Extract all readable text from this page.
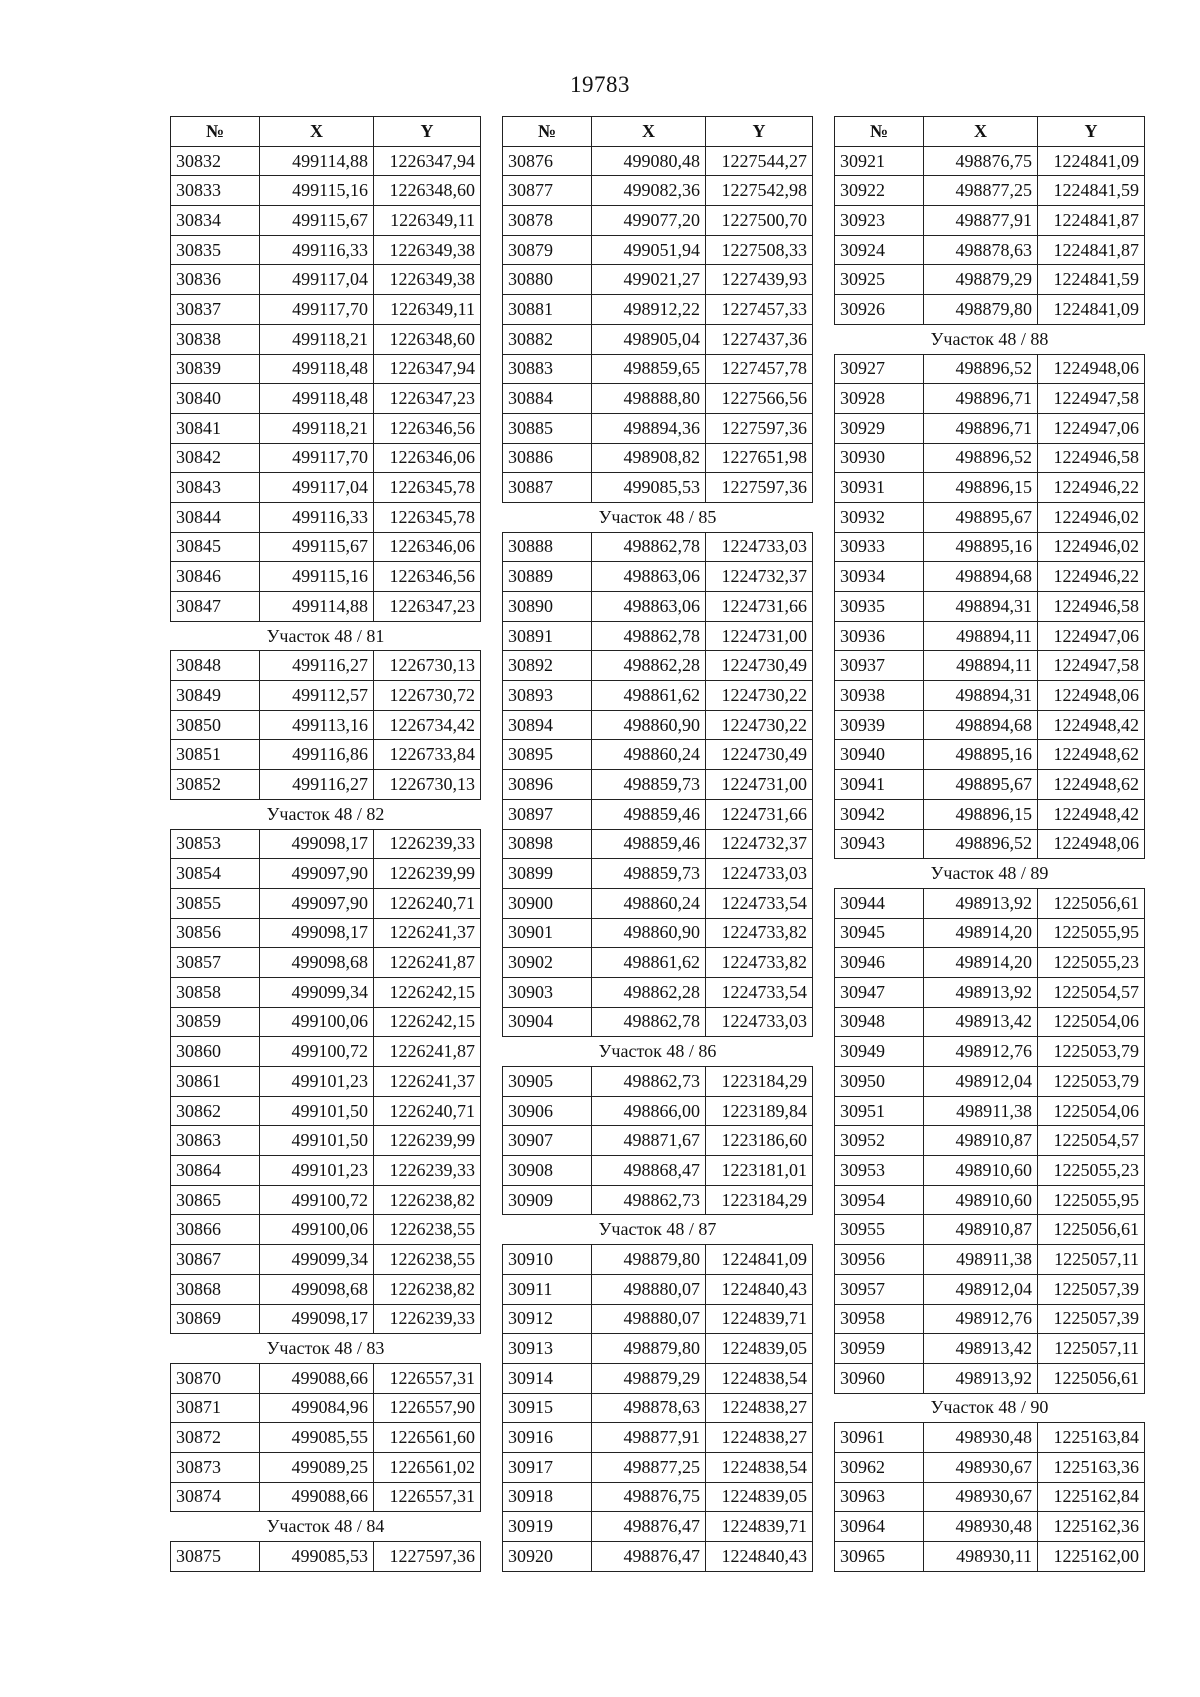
19783
№	X	Y
30832	499114,88	1226347,94
30833	499115,16	1226348,60
30834	499115,67	1226349,11
30835	499116,33	1226349,38
30836	499117,04	1226349,38
30837	499117,70	1226349,11
30838	499118,21	1226348,60
30839	499118,48	1226347,94
30840	499118,48	1226347,23
30841	499118,21	1226346,56
30842	499117,70	1226346,06
30843	499117,04	1226345,78
30844	499116,33	1226345,78
30845	499115,67	1226346,06
30846	499115,16	1226346,56
30847	499114,88	1226347,23
Участок 48 / 81		
30848	499116,27	1226730,13
30849	499112,57	1226730,72
30850	499113,16	1226734,42
30851	499116,86	1226733,84
30852	499116,27	1226730,13
Участок 48 / 82		
30853	499098,17	1226239,33
30854	499097,90	1226239,99
30855	499097,90	1226240,71
30856	499098,17	1226241,37
30857	499098,68	1226241,87
30858	499099,34	1226242,15
30859	499100,06	1226242,15
30860	499100,72	1226241,87
30861	499101,23	1226241,37
30862	499101,50	1226240,71
30863	499101,50	1226239,99
30864	499101,23	1226239,33
30865	499100,72	1226238,82
30866	499100,06	1226238,55
30867	499099,34	1226238,55
30868	499098,68	1226238,82
30869	499098,17	1226239,33
Участок 48 / 83		
30870	499088,66	1226557,31
30871	499084,96	1226557,90
30872	499085,55	1226561,60
30873	499089,25	1226561,02
30874	499088,66	1226557,31
Участок 48 / 84		
30875	499085,53	1227597,36
№	X	Y
30876	499080,48	1227544,27
30877	499082,36	1227542,98
30878	499077,20	1227500,70
30879	499051,94	1227508,33
30880	499021,27	1227439,93
30881	498912,22	1227457,33
30882	498905,04	1227437,36
30883	498859,65	1227457,78
30884	498888,80	1227566,56
30885	498894,36	1227597,36
30886	498908,82	1227651,98
30887	499085,53	1227597,36
Участок 48 / 85		
30888	498862,78	1224733,03
30889	498863,06	1224732,37
30890	498863,06	1224731,66
30891	498862,78	1224731,00
30892	498862,28	1224730,49
30893	498861,62	1224730,22
30894	498860,90	1224730,22
30895	498860,24	1224730,49
30896	498859,73	1224731,00
30897	498859,46	1224731,66
30898	498859,46	1224732,37
30899	498859,73	1224733,03
30900	498860,24	1224733,54
30901	498860,90	1224733,82
30902	498861,62	1224733,82
30903	498862,28	1224733,54
30904	498862,78	1224733,03
Участок 48 / 86		
30905	498862,73	1223184,29
30906	498866,00	1223189,84
30907	498871,67	1223186,60
30908	498868,47	1223181,01
30909	498862,73	1223184,29
Участок 48 / 87		
30910	498879,80	1224841,09
30911	498880,07	1224840,43
30912	498880,07	1224839,71
30913	498879,80	1224839,05
30914	498879,29	1224838,54
30915	498878,63	1224838,27
30916	498877,91	1224838,27
30917	498877,25	1224838,54
30918	498876,75	1224839,05
30919	498876,47	1224839,71
30920	498876,47	1224840,43
№	X	Y
30921	498876,75	1224841,09
30922	498877,25	1224841,59
30923	498877,91	1224841,87
30924	498878,63	1224841,87
30925	498879,29	1224841,59
30926	498879,80	1224841,09
Участок 48 / 88		
30927	498896,52	1224948,06
30928	498896,71	1224947,58
30929	498896,71	1224947,06
30930	498896,52	1224946,58
30931	498896,15	1224946,22
30932	498895,67	1224946,02
30933	498895,16	1224946,02
30934	498894,68	1224946,22
30935	498894,31	1224946,58
30936	498894,11	1224947,06
30937	498894,11	1224947,58
30938	498894,31	1224948,06
30939	498894,68	1224948,42
30940	498895,16	1224948,62
30941	498895,67	1224948,62
30942	498896,15	1224948,42
30943	498896,52	1224948,06
Участок 48 / 89		
30944	498913,92	1225056,61
30945	498914,20	1225055,95
30946	498914,20	1225055,23
30947	498913,92	1225054,57
30948	498913,42	1225054,06
30949	498912,76	1225053,79
30950	498912,04	1225053,79
30951	498911,38	1225054,06
30952	498910,87	1225054,57
30953	498910,60	1225055,23
30954	498910,60	1225055,95
30955	498910,87	1225056,61
30956	498911,38	1225057,11
30957	498912,04	1225057,39
30958	498912,76	1225057,39
30959	498913,42	1225057,11
30960	498913,92	1225056,61
Участок 48 / 90		
30961	498930,48	1225163,84
30962	498930,67	1225163,36
30963	498930,67	1225162,84
30964	498930,48	1225162,36
30965	498930,11	1225162,00
